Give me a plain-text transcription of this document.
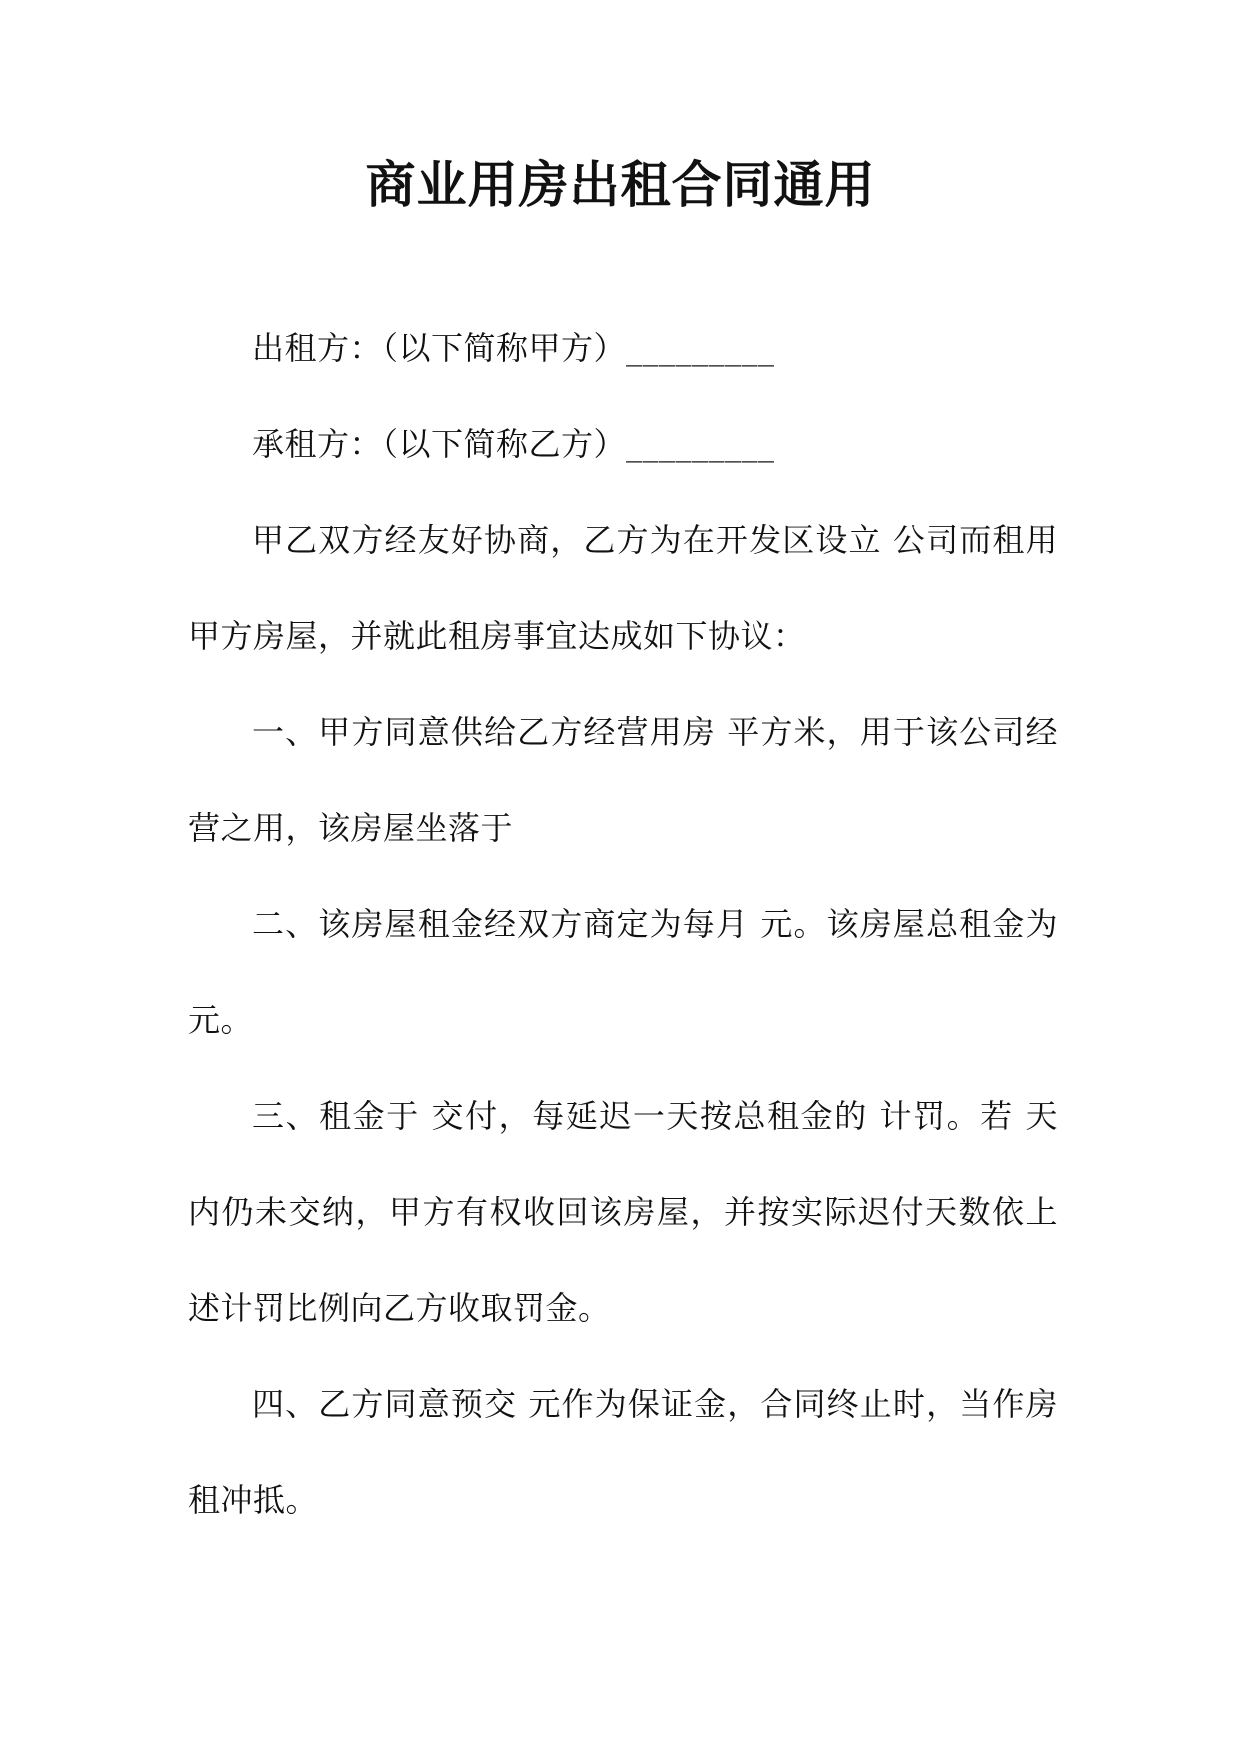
商业用房出租合同通用

出租方：（以下简称甲方）_________

承租方：（以下简称乙方）_________

甲乙双方经友好协商，乙方为在开发区设立 公司而租用甲方房屋，并就此租房事宜达成如下协议：

一、甲方同意供给乙方经营用房 平方米，用于该公司经营之用，该房屋坐落于

二、该房屋租金经双方商定为每月 元。该房屋总租金为 元。

三、租金于 交付，每延迟一天按总租金的 计罚。若 天内仍未交纳，甲方有权收回该房屋，并按实际迟付天数依上述计罚比例向乙方收取罚金。

四、乙方同意预交 元作为保证金，合同终止时，当作房租冲抵。
